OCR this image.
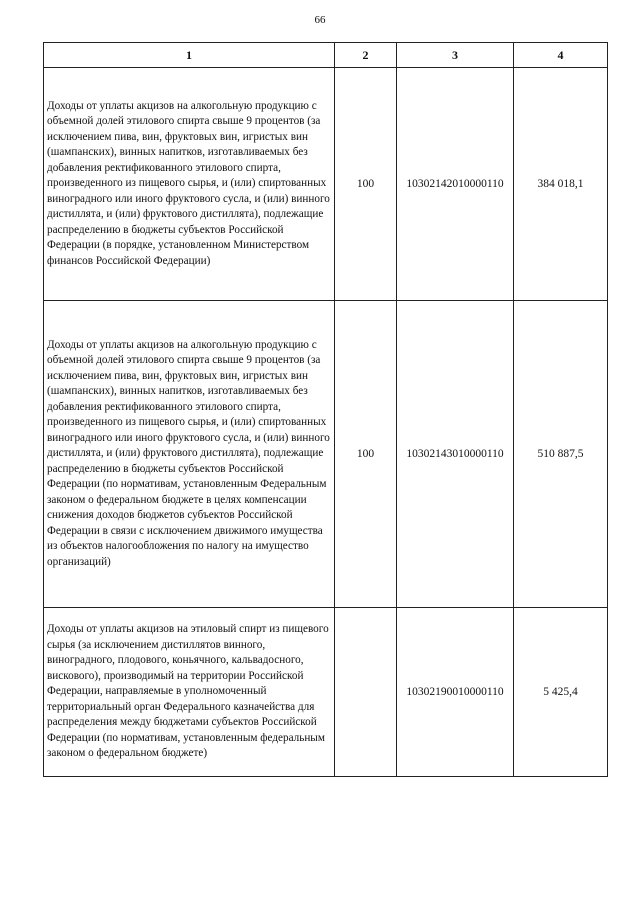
66
1	2	3	4
Доходы от уплаты акцизов на алкогольную продукцию с объемной долей этилового спирта свыше 9 процентов (за исключением пива, вин, фруктовых вин, игристых вин (шампанских), винных напитков, изготавливаемых без добавления ректификованного этилового спирта, произведенного из пищевого сырья, и (или) спиртованных виноградного или иного фруктового сусла, и (или) винного дистиллята, и (или) фруктового дистиллята), подлежащие распределению в бюджеты субъектов Российской Федерации (в порядке, установленном Министерством финансов Российской Федерации)	100	10302142010000110	384 018,1
Доходы от уплаты акцизов на алкогольную продукцию с объемной долей этилового спирта свыше 9 процентов (за исключением пива, вин, фруктовых вин, игристых вин (шампанских), винных напитков, изготавливаемых без добавления ректификованного этилового спирта, произведенного из пищевого сырья, и (или) спиртованных виноградного или иного фруктового сусла, и (или) винного дистиллята, и (или) фруктового дистиллята), подлежащие распределению в бюджеты субъектов Российской Федерации (по нормативам, установленным Федеральным законом о федеральном бюджете в целях компенсации снижения доходов бюджетов субъектов Российской Федерации в связи с исключением движимого имущества из объектов налогообложения по налогу на имущество организаций)	100	10302143010000110	510 887,5
Доходы от уплаты акцизов на этиловый спирт из пищевого сырья (за исключением дистиллятов винного, виноградного, плодового, коньячного, кальвадосного, вискового), производимый на территории Российской Федерации, направляемые в уполномоченный территориальный орган Федерального казначейства для распределения между бюджетами субъектов Российской Федерации (по нормативам, установленным федеральным законом о федеральном бюджете)		10302190010000110	5 425,4
